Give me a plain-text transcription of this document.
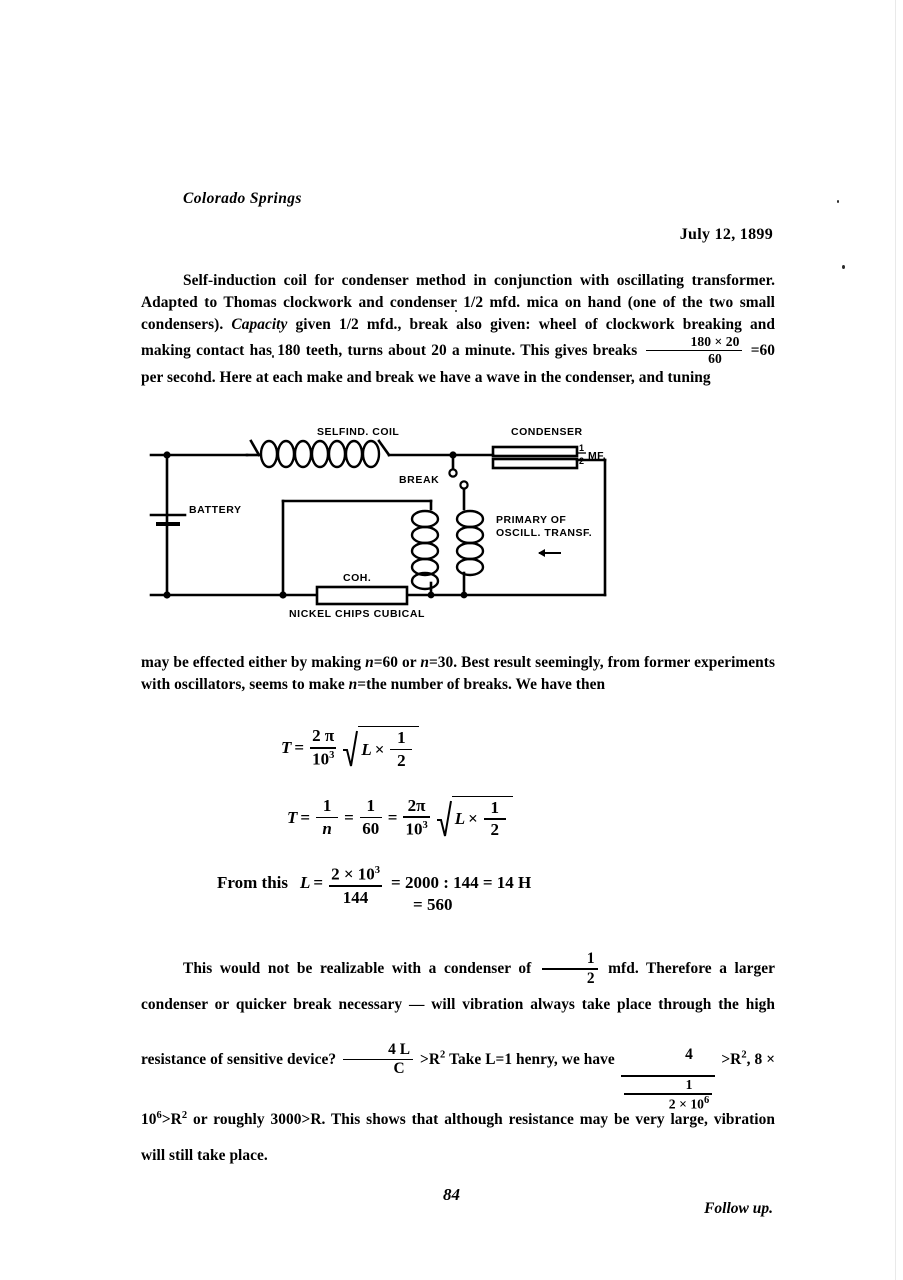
Colorado Springs
July 12, 1899
Self-induction coil for condenser method in conjunction with oscillating transformer. Adapted to Thomas clockwork and condenser 1/2 mfd. mica on hand (one of the two small condensers). Capacity given 1/2 mfd., break also given: wheel of clockwork breaking and making contact has 180 teeth, turns about 20 a minute. This gives breaks $\frac{180 \times 20}{60} =60$ per second. Here at each make and break we have a wave in the condenser, and tuning
SELFIND. COIL	CONDENSER
1
2 MF.
BREAK
BATTERY
PRIMARY OF
OSCILL. TRANSF.
COH.
NICKEL CHIPS CUBICAL
may be effected either by making n=60 or n=30. Best result seemingly, from former experiments with oscillators, seems to make n=the number of breaks. We have then
$T = \frac{2 \pi}{10^3}$ $L \times \frac{1}{2}$
$T = \frac{1}{n} = \frac{1}{60} = \frac{2\pi}{10^3}$ $L \times \frac{1}{2}$
From this $L = \frac{2 \times 10^3}{144} = 2000$ : 144 = 14 H
= 560
This would not be realizable with a condenser of $\frac{1}{2}$ mfd. Therefore a larger condenser or quicker break necessary — will vibration always take place through the high resistance of sensitive device? $\frac{4 L}{C} >R^2$ Take L=1 henry, we have $\frac{4}{\frac{1}{2 \times 10^6}} >R^2$, $8 \times 10^6>R^2$ or roughly 3000>R. This shows that although resistance may be very large, vibration will still take place.
Follow up.
84
